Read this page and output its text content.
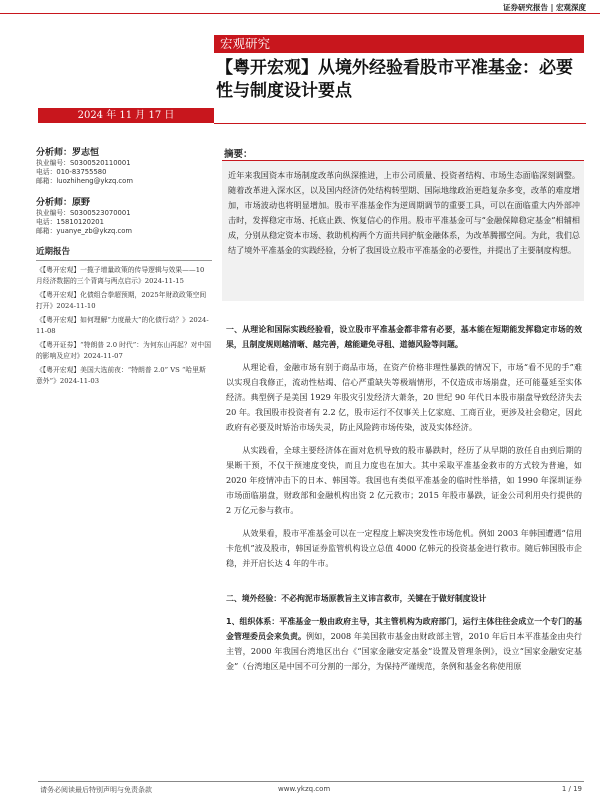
证券研究报告 | 宏观深度
宏观研究
【粤开宏观】从境外经验看股市平准基金：必要性与制度设计要点
2024 年 11 月 17 日
分析师：罗志恒
执业编号：S0300520110001
电话：010-83755580
邮箱：luozhiheng@ykzq.com
分析师：原野
执业编号：S0300523070001
电话：15810120201
邮箱：yuanye_zb@ykzq.com
近期报告
《【粤开宏观】一揽子增量政策的传导逻辑与效果——10 月经济数据的三个背离与两点启示》2024-11-15
《【粤开宏观】化债组合拳超预期，2025年财政政策空间打开》2024-11-10
《【粤开宏观】如何理解“力度最大”的化债行动？》2024-11-08
《【粤开证券】“特朗普 2.0 时代”：为何东山再起？对中国的影响及应对》2024-11-07
《【粤开宏观】美国大选前夜：“特朗普 2.0” VS “哈里斯意外”》2024-11-03
摘要：
近年来我国资本市场制度改革向纵深推进，上市公司质量、投资者结构、市场生态面临深刻调整。随着改革进入深水区，以及国内经济仍处结构转型期、国际地缘政治更趋复杂多变，改革的难度增加，市场波动也将明显增加。股市平准基金作为逆周期调节的重要工具，可以在面临重大内外部冲击时，发挥稳定市场、托底止跌、恢复信心的作用。股市平准基金可与“金融保障稳定基金”相辅相成，分别从稳定资本市场、救助机构两个方面共同护航金融体系，为改革腾挪空间。为此，我们总结了境外平准基金的实践经验，分析了我国设立股市平准基金的必要性，并提出了主要制度构想。

一、从理论和国际实践经验看，设立股市平准基金都非常有必要，基本能在短期能发挥稳定市场的效果，且制度规则越清晰、越完善，越能避免寻租、道德风险等问题。

从理论看，金融市场有别于商品市场，在资产价格非理性暴跌的情况下，市场“看不见的手”难以实现自我修正，流动性枯竭、信心严重缺失等极端情形，不仅造成市场崩盘，还可能蔓延至实体经济。典型例子是美国 1929 年股灾引发经济大萧条，20 世纪 90 年代日本股市崩盘导致经济失去 20 年。我国股市投资者有 2.2 亿，股市运行不仅事关上亿家庭、工商百业，更涉及社会稳定，因此政府有必要及时矫治市场失灵，防止风险跨市场传染，波及实体经济。

从实践看，全球主要经济体在面对危机导致的股市暴跌时，经历了从早期的放任自由到后期的果断干预，不仅干预速度变快，而且力度也在加大。其中采取平准基金救市的方式较为普遍，如 2020 年疫情冲击下的日本、韩国等。我国也有类似平准基金的临时性举措，如 1990 年深圳证券市场面临崩盘，财政部和金融机构出资 2 亿元救市；2015 年股市暴跌，证金公司利用央行提供的 2 万亿元参与救市。

从效果看，股市平准基金可以在一定程度上解决突发性市场危机。例如 2003 年韩国遭遇“信用卡危机”波及股市，韩国证券监管机构设立总值 4000 亿韩元的投资基金进行救市。随后韩国股市企稳，并开启长达 4 年的牛市。

二、境外经验：不必拘泥市场原教旨主义讳言救市，关键在于做好制度设计

1、组织体系：平准基金一般由政府主导，其主管机构为政府部门，运行主体往往会成立一个专门的基金管理委员会来负责。例如，2008 年美国救市基金由财政部主管，2010 年后日本平准基金由央行主管，2000 年我国台湾地区出台《“国家金融安定基金”设置及管理条例》，设立“国家金融安定基金”（台湾地区是中国不可分割的一部分，为保持严谨规范，条例和基金名称使用原

请务必阅读最后特别声明与免责条款	www.ykzq.com	1 / 19
